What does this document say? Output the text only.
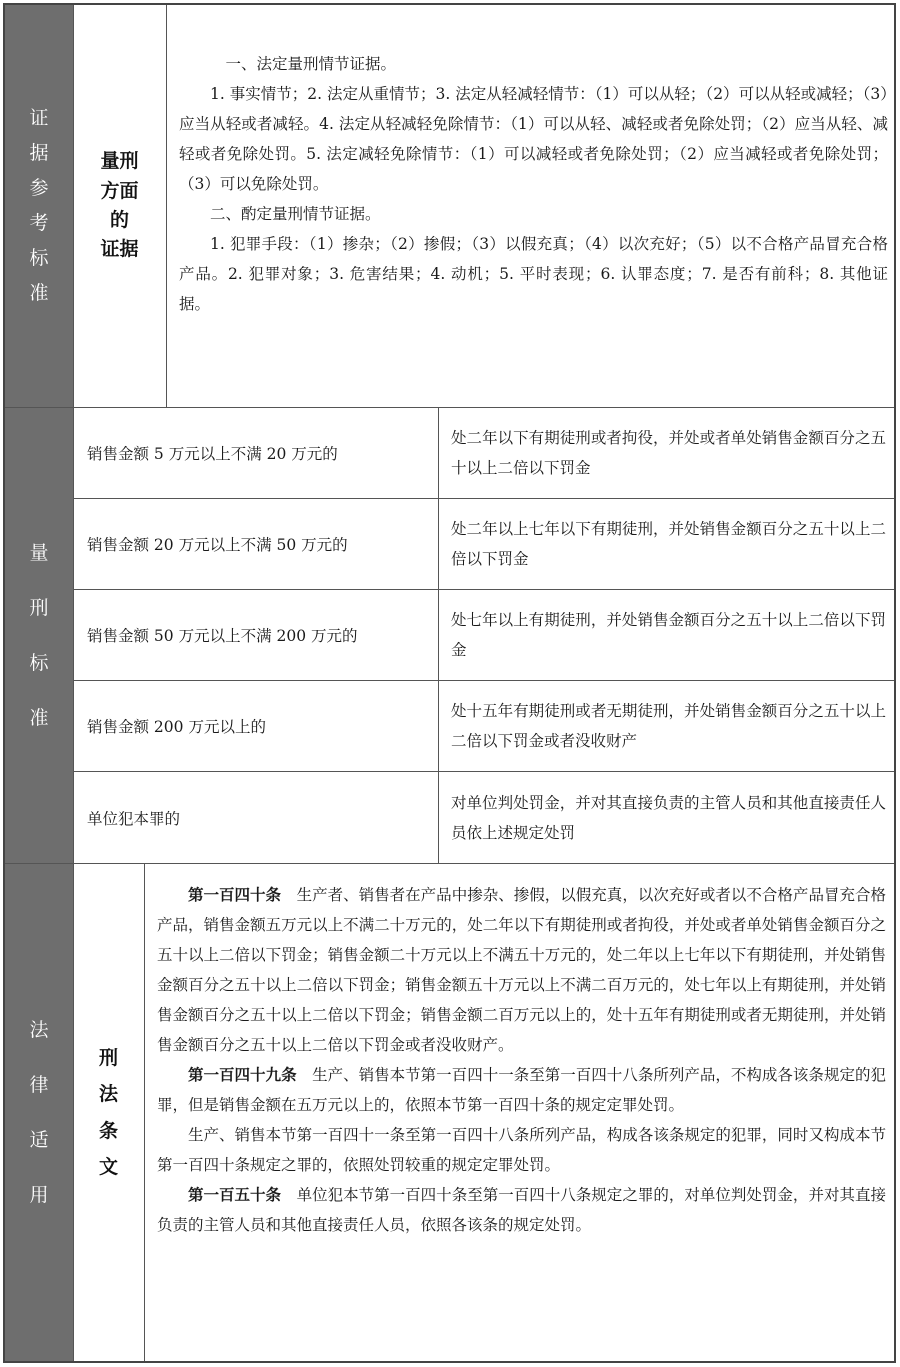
证
据
参
考
标
准
量刑
方面
的
证据

一、法定量刑情节证据。

1. 事实情节；2. 法定从重情节；3. 法定从轻减轻情节：（1）可以从轻；（2）可以从轻或减轻；（3）应当从轻或者减轻。4. 法定从轻减轻免除情节：（1）可以从轻、减轻或者免除处罚；（2）应当从轻、减轻或者免除处罚。5. 法定减轻免除情节：（1）可以减轻或者免除处罚；（2）应当减轻或者免除处罚；（3）可以免除处罚。

二、酌定量刑情节证据。

1. 犯罪手段：（1）掺杂；（2）掺假；（3）以假充真；（4）以次充好；（5）以不合格产品冒充合格产品。2. 犯罪对象；3. 危害结果；4. 动机；5. 平时表现；6. 认罪态度；7. 是否有前科；8. 其他证据。

量
刑
标
准
销售金额 5 万元以上不满 20 万元的
处二年以下有期徒刑或者拘役，并处或者单处销售金额百分之五十以上二倍以下罚金
销售金额 20 万元以上不满 50 万元的
处二年以上七年以下有期徒刑，并处销售金额百分之五十以上二倍以下罚金
销售金额 50 万元以上不满 200 万元的
处七年以上有期徒刑，并处销售金额百分之五十以上二倍以下罚金
销售金额 200 万元以上的
处十五年有期徒刑或者无期徒刑，并处销售金额百分之五十以上二倍以下罚金或者没收财产
单位犯本罪的
对单位判处罚金，并对其直接负责的主管人员和其他直接责任人员依上述规定处罚
法
律
适
用
刑
法
条
文

第一百四十条　生产者、销售者在产品中掺杂、掺假，以假充真，以次充好或者以不合格产品冒充合格产品，销售金额五万元以上不满二十万元的，处二年以下有期徒刑或者拘役，并处或者单处销售金额百分之五十以上二倍以下罚金；销售金额二十万元以上不满五十万元的，处二年以上七年以下有期徒刑，并处销售金额百分之五十以上二倍以下罚金；销售金额五十万元以上不满二百万元的，处七年以上有期徒刑，并处销售金额百分之五十以上二倍以下罚金；销售金额二百万元以上的，处十五年有期徒刑或者无期徒刑，并处销售金额百分之五十以上二倍以下罚金或者没收财产。

第一百四十九条　生产、销售本节第一百四十一条至第一百四十八条所列产品，不构成各该条规定的犯罪，但是销售金额在五万元以上的，依照本节第一百四十条的规定定罪处罚。

生产、销售本节第一百四十一条至第一百四十八条所列产品，构成各该条规定的犯罪，同时又构成本节第一百四十条规定之罪的，依照处罚较重的规定定罪处罚。

第一百五十条　单位犯本节第一百四十条至第一百四十八条规定之罪的，对单位判处罚金，并对其直接负责的主管人员和其他直接责任人员，依照各该条的规定处罚。
